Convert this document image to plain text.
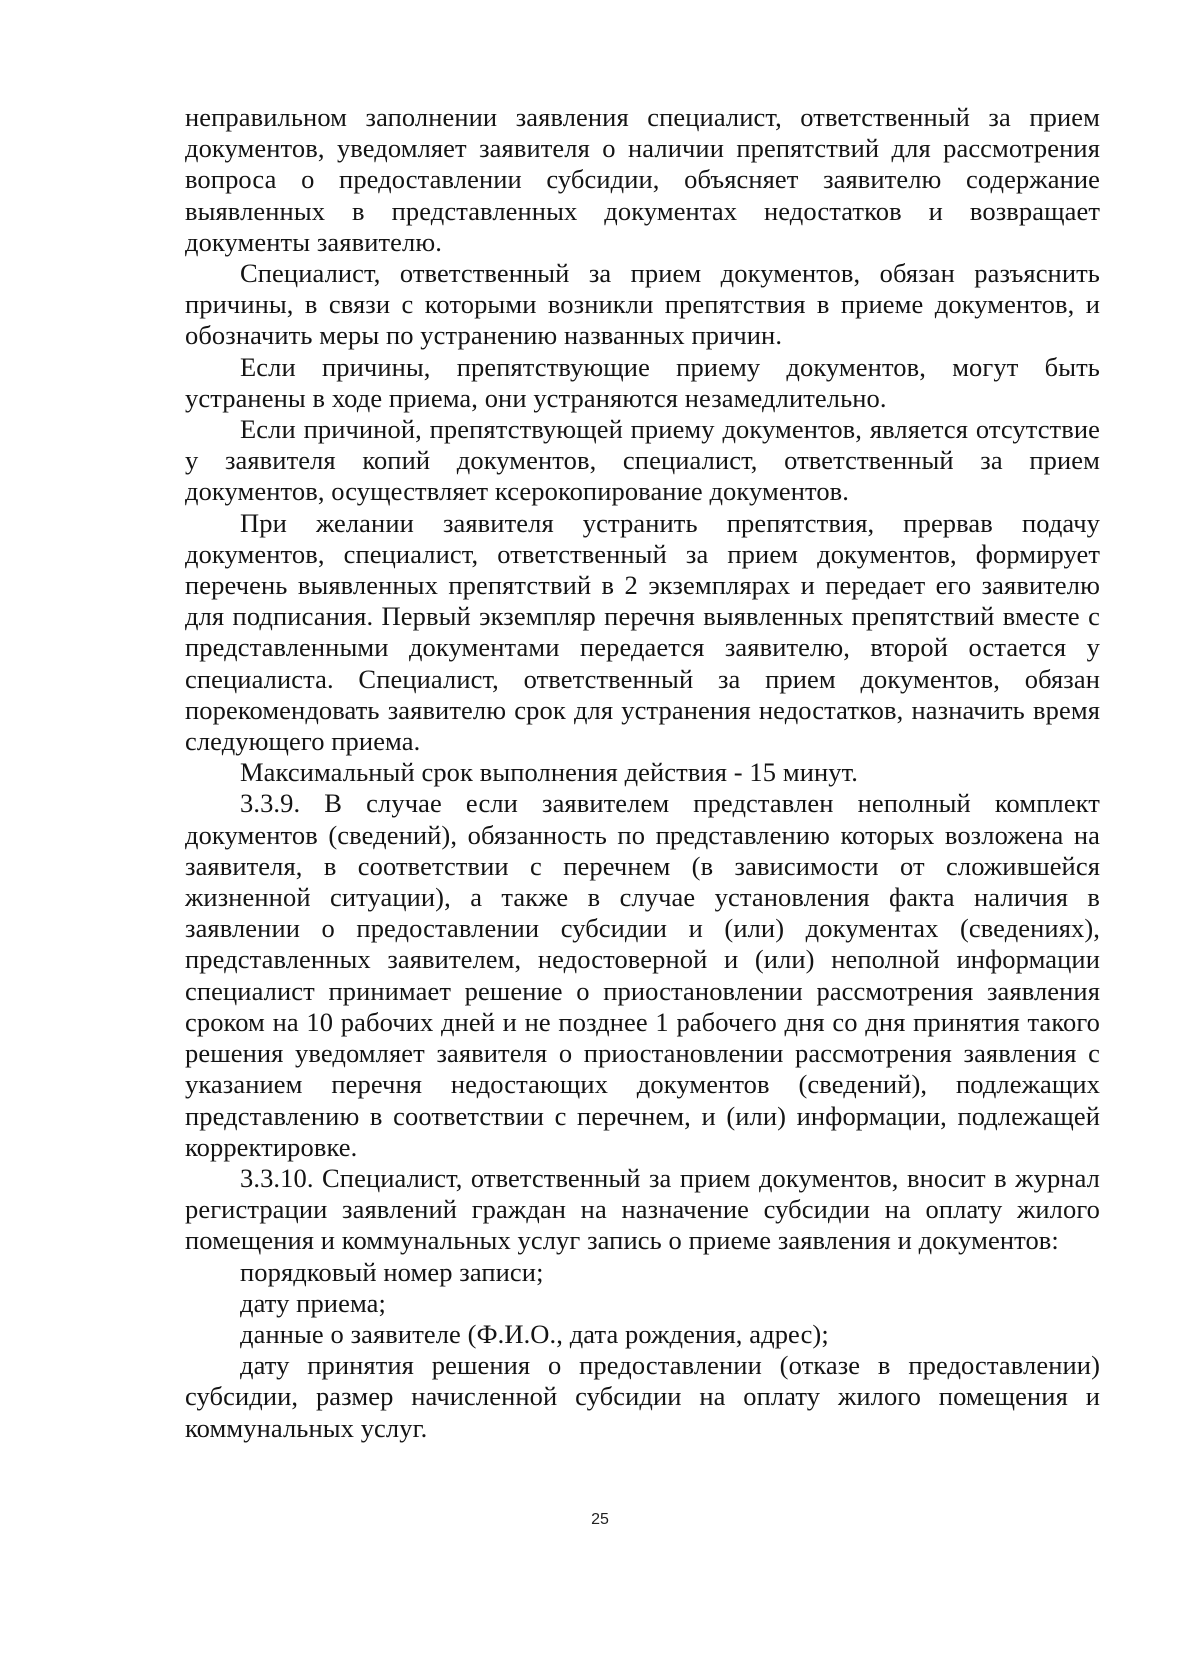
неправильном заполнении заявления специалист, ответственный за прием документов, уведомляет заявителя о наличии препятствий для рассмотрения вопроса о предоставлении субсидии, объясняет заявителю содержание выявленных в представленных документах недостатков и возвращает документы заявителю.

Специалист, ответственный за прием документов, обязан разъяснить причины, в связи с которыми возникли препятствия в приеме документов, и обозначить меры по устранению названных причин.

Если причины, препятствующие приему документов, могут быть устранены в ходе приема, они устраняются незамедлительно.

Если причиной, препятствующей приему документов, является отсутствие у заявителя копий документов, специалист, ответственный за прием документов, осуществляет ксерокопирование документов.

При желании заявителя устранить препятствия, прервав подачу документов, специалист, ответственный за прием документов, формирует перечень выявленных препятствий в 2 экземплярах и передает его заявителю для подписания. Первый экземпляр перечня выявленных препятствий вместе с представленными документами передается заявителю, второй остается у специалиста. Специалист, ответственный за прием документов, обязан порекомендовать заявителю срок для устранения недостатков, назначить время следующего приема.

Максимальный срок выполнения действия - 15 минут.

3.3.9. В случае если заявителем представлен неполный комплект документов (сведений), обязанность по представлению которых возложена на заявителя, в соответствии с перечнем (в зависимости от сложившейся жизненной ситуации), а также в случае установления факта наличия в заявлении о предоставлении субсидии и (или) документах (сведениях), представленных заявителем, недостоверной и (или) неполной информации специалист принимает решение о приостановлении рассмотрения заявления сроком на 10 рабочих дней и не позднее 1 рабочего дня со дня принятия такого решения уведомляет заявителя о приостановлении рассмотрения заявления с указанием перечня недостающих документов (сведений), подлежащих представлению в соответствии с перечнем, и (или) информации, подлежащей корректировке.

3.3.10. Специалист, ответственный за прием документов, вносит в журнал регистрации заявлений граждан на назначение субсидии на оплату жилого помещения и коммунальных услуг запись о приеме заявления и документов:

порядковый номер записи;

дату приема;

данные о заявителе (Ф.И.О., дата рождения, адрес);

дату принятия решения о предоставлении (отказе в предоставлении) субсидии, размер начисленной субсидии на оплату жилого помещения и коммунальных услуг.

25
